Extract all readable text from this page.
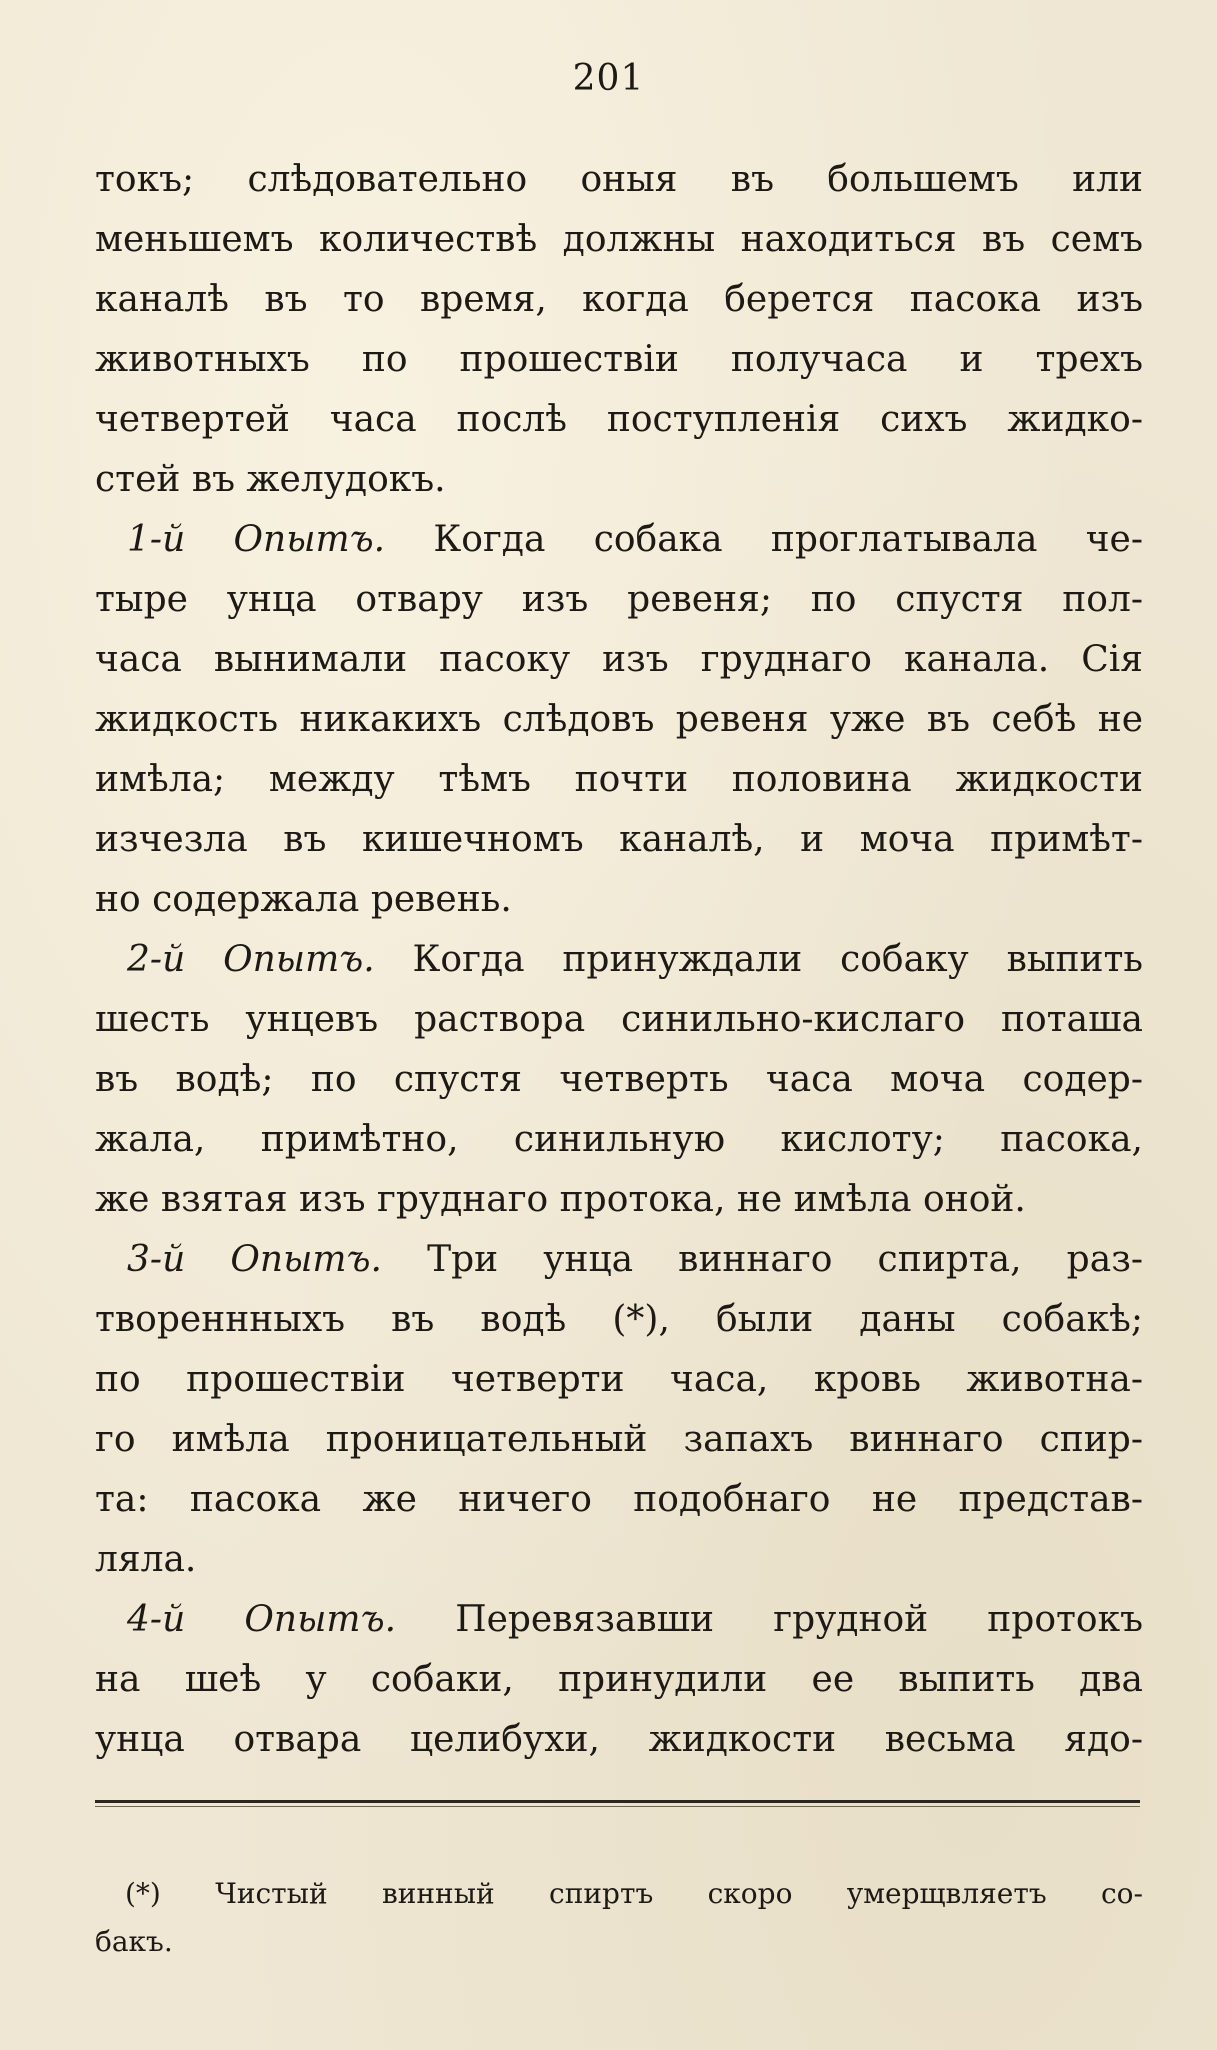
201
токъ; слѣдовательно оныя въ большемъ или
меньшемъ количествѣ должны находиться въ семъ
каналѣ въ то время, когда берется пасока изъ
животныхъ по прошествіи получаса и трехъ
четвертей часа послѣ поступленія сихъ жидко-
стей въ желудокъ.
1-й Опытъ. Когда собака проглатывала че-
тыре унца отвару изъ ревеня; по спустя пол-
часа вынимали пасоку изъ груднаго канала. Сія
жидкость никакихъ слѣдовъ ревеня уже въ себѣ не
имѣла; между тѣмъ почти половина жидкости
изчезла въ кишечномъ каналѣ, и моча примѣт-
но содержала ревень.
2-й Опытъ. Когда принуждали собаку выпить
шесть унцевъ раствора синильно-кислаго поташа
въ водѣ; по спустя четверть часа моча содер-
жала, примѣтно, синильную кислоту; пасока,
же взятая изъ груднаго протока, не имѣла оной.
3-й Опытъ. Три унца виннаго спирта, раз-
твореннныхъ въ водѣ (*), были даны собакѣ;
по прошествіи четверти часа, кровь животна-
го имѣла проницательный запахъ виннаго спир-
та: пасока же ничего подобнаго не представ-
ляла.
4-й Опытъ. Перевязавши грудной протокъ
на шеѣ у собаки, принудили ее выпить два
унца отвара целибухи, жидкости весьма ядо-
(*) Чистый винный спиртъ скоро умерщвляетъ со-
бакъ.
